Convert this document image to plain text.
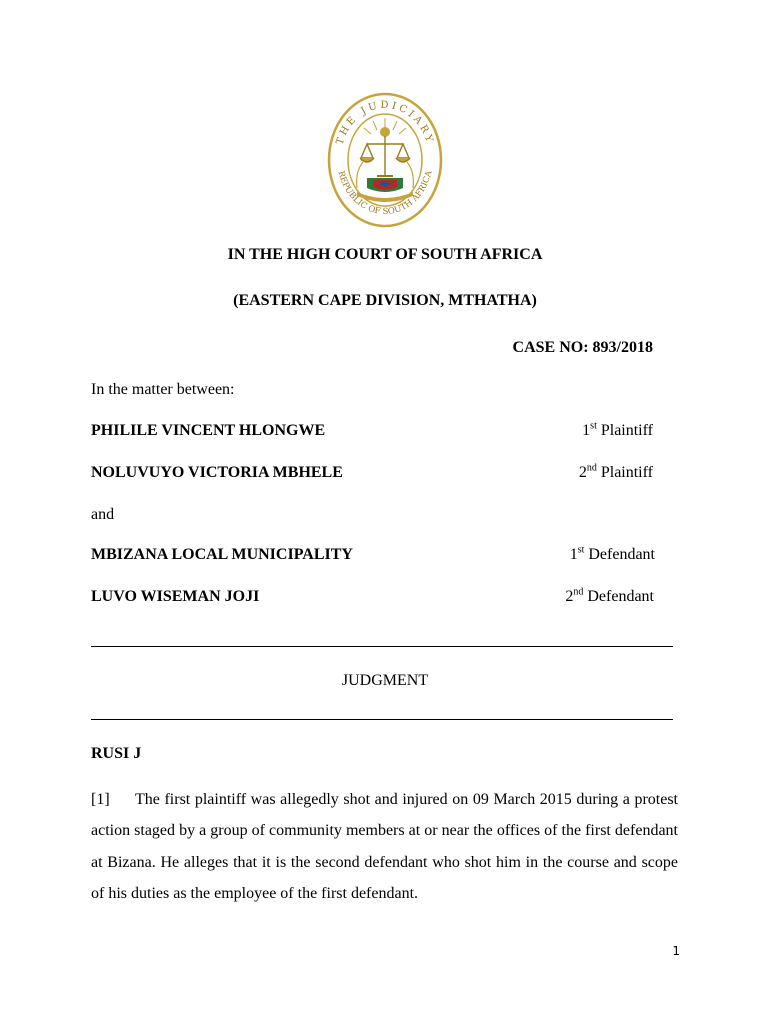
THE JUDICIARY
REPUBLIC OF SOUTH AFRICA
IN THE HIGH COURT OF SOUTH AFRICA
(EASTERN CAPE DIVISION, MTHATHA)
CASE NO: 893/2018
In the matter between:
PHILILE VINCENT HLONGWE	1st Plaintiff
NOLUVUYO VICTORIA MBHELE	2nd Plaintiff
and
MBIZANA LOCAL MUNICIPALITY	1st Defendant
LUVO WISEMAN JOJI	2nd Defendant
JUDGMENT
RUSI J
[1] The first plaintiff was allegedly shot and injured on 09 March 2015 during a protest action staged by a group of community members at or near the offices of the first defendant at Bizana. He alleges that it is the second defendant who shot him in the course and scope of his duties as the employee of the first defendant.
1
